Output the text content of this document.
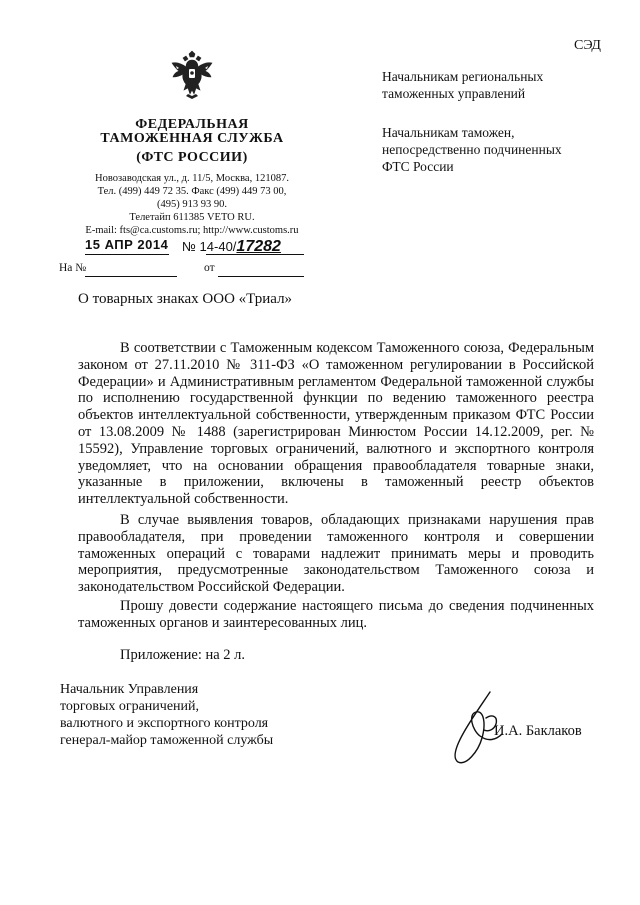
СЭД
ФЕДЕРАЛЬНАЯ
ТАМОЖЕННАЯ СЛУЖБА
(ФТС РОССИИ)
Новозаводская ул., д. 11/5, Москва, 121087.
Тел. (499) 449 72 35. Факс (499) 449 73 00,
(495) 913 93 90.
Телетайп 611385 VETO RU.
E-mail: fts@ca.customs.ru; http://www.customs.ru
15 АПР 2014 № 14-40/17282
На №	от
Начальникам региональных
таможенных управлений
Начальникам таможен,
непосредственно подчиненных
ФТС России
О товарных знаках ООО «Триал»
В соответствии с Таможенным кодексом Таможенного союза, Федеральным законом от 27.11.2010 № 311-ФЗ «О таможенном регулировании в Российской Федерации» и Административным регламентом Федеральной таможенной службы по исполнению государственной функции по ведению таможенного реестра объектов интеллектуальной собственности, утвержденным приказом ФТС России от 13.08.2009 № 1488 (зарегистрирован Минюстом России 14.12.2009, рег. № 15592), Управление торговых ограничений, валютного и экспортного контроля уведомляет, что на основании обращения правообладателя товарные знаки, указанные в приложении, включены в таможенный реестр объектов интеллектуальной собственности.
В случае выявления товаров, обладающих признаками нарушения прав правообладателя, при проведении таможенного контроля и совершении таможенных операций с товарами надлежит принимать меры и проводить мероприятия, предусмотренные законодательством Таможенного союза и законодательством Российской Федерации.
Прошу довести содержание настоящего письма до сведения подчиненных таможенных органов и заинтересованных лиц.
Приложение: на 2 л.
Начальник Управления
торговых ограничений,
валютного и экспортного контроля
генерал-майор таможенной службы
И.А. Баклаков
